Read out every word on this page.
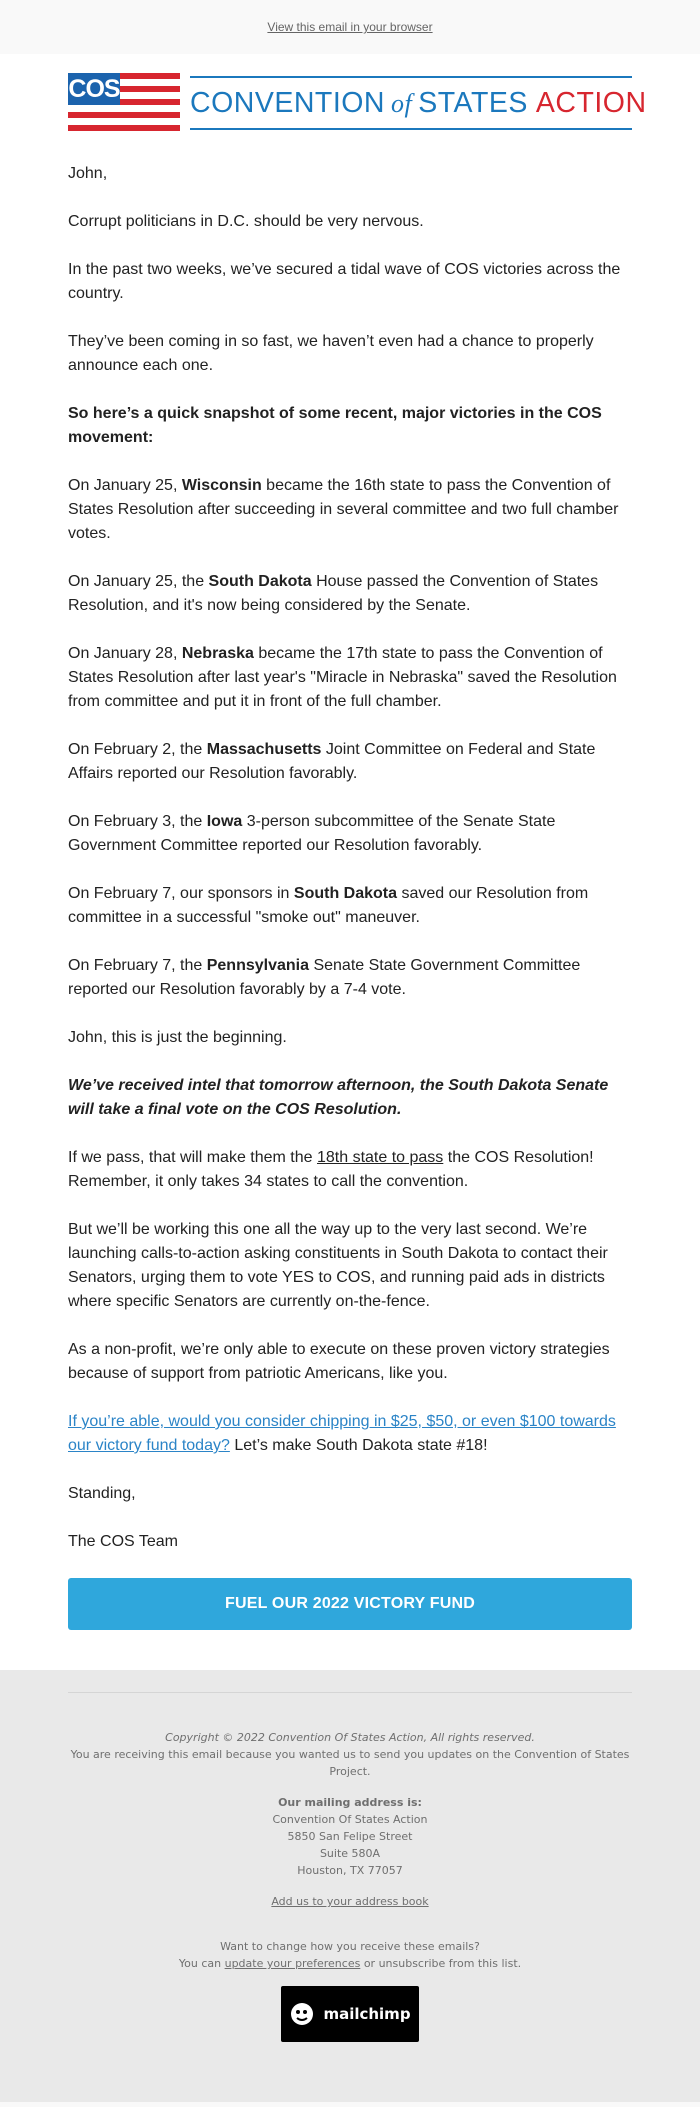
View this email in your browser
COS CONVENTION of STATES ACTION

John,

Corrupt politicians in D.C. should be very nervous.

In the past two weeks, we’ve secured a tidal wave of COS victories across the country.

They’ve been coming in so fast, we haven’t even had a chance to properly announce each one.

So here’s a quick snapshot of some recent, major victories in the COS movement:

On January 25, Wisconsin became the 16th state to pass the Convention of States Resolution after succeeding in several committee and two full chamber votes.

On January 25, the South Dakota House passed the Convention of States Resolution, and it's now being considered by the Senate.

On January 28, Nebraska became the 17th state to pass the Convention of States Resolution after last year's "Miracle in Nebraska" saved the Resolution from committee and put it in front of the full chamber.

On February 2, the Massachusetts Joint Committee on Federal and State Affairs reported our Resolution favorably.

On February 3, the Iowa 3-person subcommittee of the Senate State Government Committee reported our Resolution favorably.

On February 7, our sponsors in South Dakota saved our Resolution from committee in a successful "smoke out" maneuver.

On February 7, the Pennsylvania Senate State Government Committee reported our Resolution favorably by a 7-4 vote.

John, this is just the beginning.

We’ve received intel that tomorrow afternoon, the South Dakota Senate will take a final vote on the COS Resolution.

If we pass, that will make them the 18th state to pass the COS Resolution! Remember, it only takes 34 states to call the convention.

But we’ll be working this one all the way up to the very last second. We’re launching calls-to-action asking constituents in South Dakota to contact their Senators, urging them to vote YES to COS, and running paid ads in districts where specific Senators are currently on-the-fence.

As a non-profit, we’re only able to execute on these proven victory strategies because of support from patriotic Americans, like you.

If you’re able, would you consider chipping in $25, $50, or even $100 towards our victory fund today? Let’s make South Dakota state #18!

Standing,

The COS Team

FUEL OUR 2022 VICTORY FUND
Copyright © 2022 Convention Of States Action, All rights reserved.
You are receiving this email because you wanted us to send you updates on the Convention of States Project.
Our mailing address is:
Convention Of States Action
5850 San Felipe Street
Suite 580A
Houston, TX 77057
Add us to your address book
Want to change how you receive these emails?
You can update your preferences or unsubscribe from this list.
mailchimp
